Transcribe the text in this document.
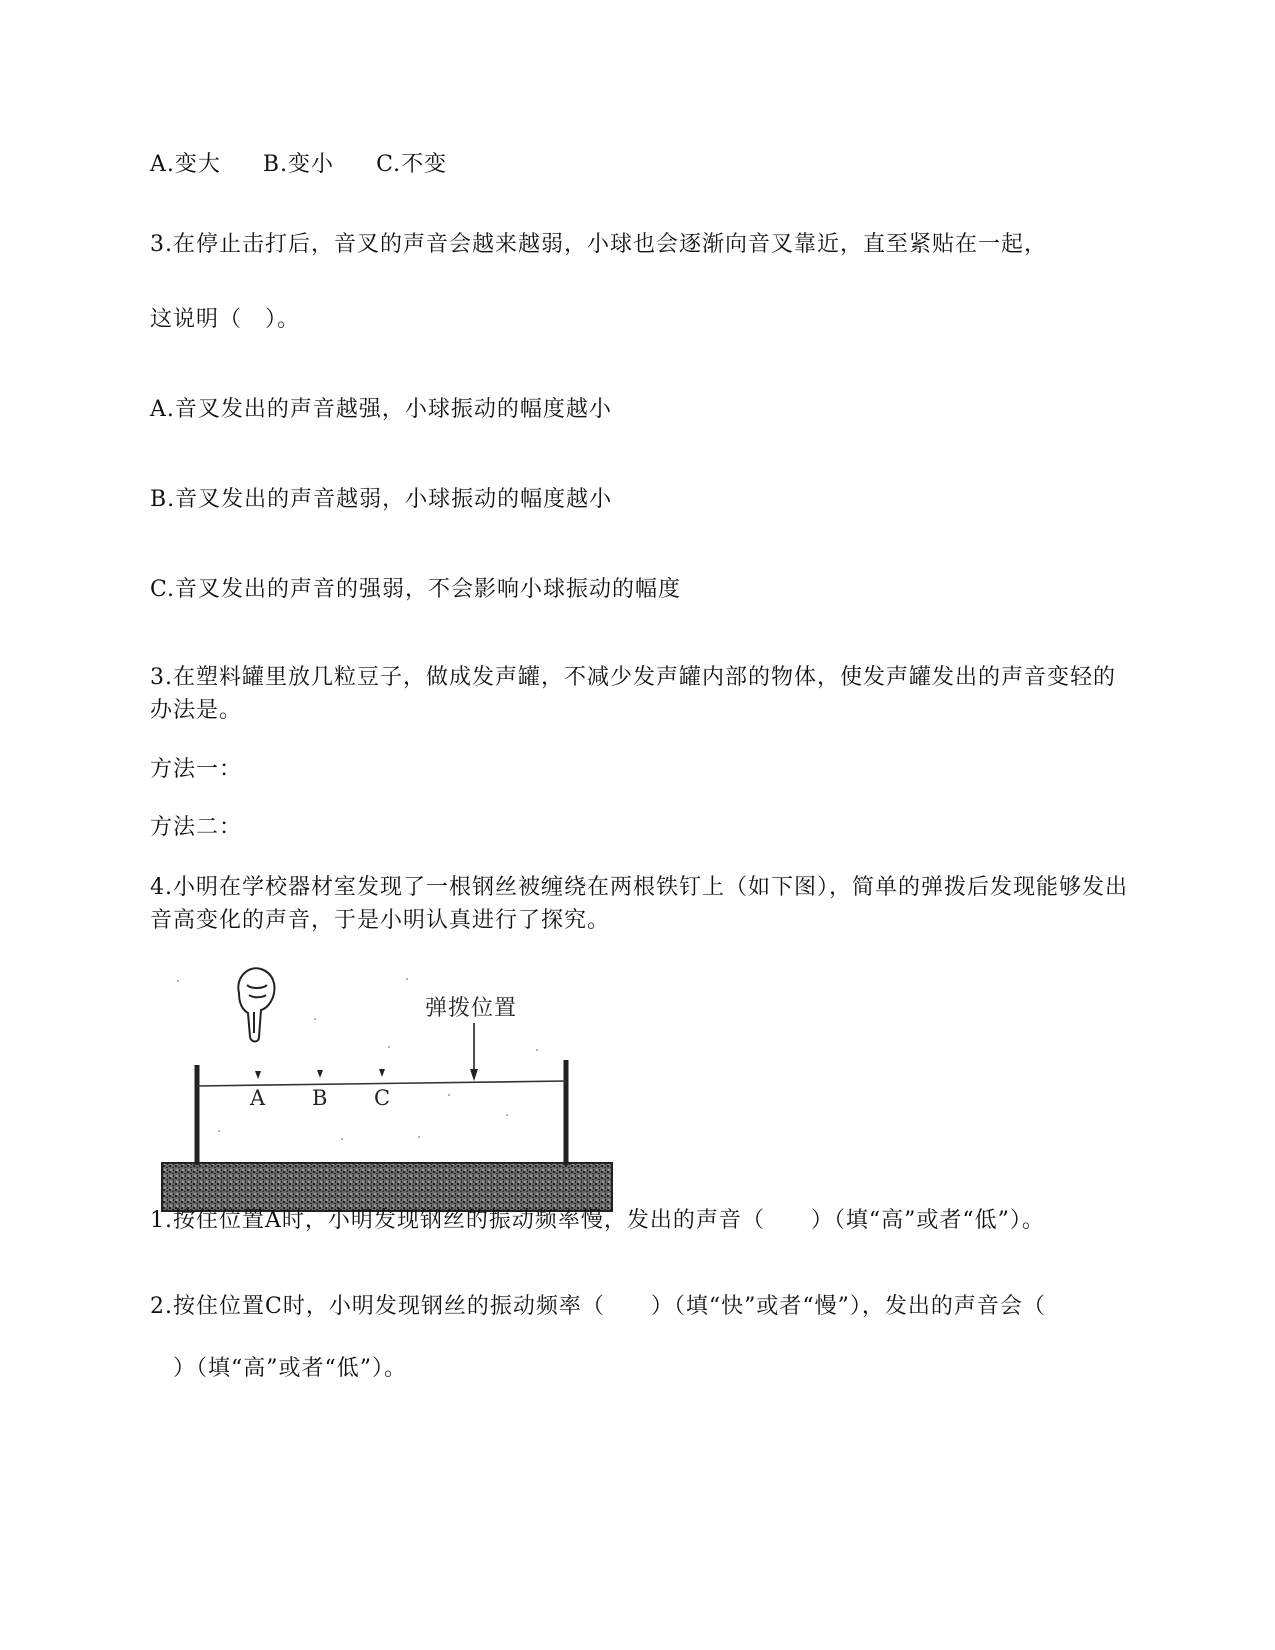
A.变大 B.变小 C.不变
3.在停止击打后，音叉的声音会越来越弱，小球也会逐渐向音叉靠近，直至紧贴在一起，
这说明（　）。
A.音叉发出的声音越强，小球振动的幅度越小
B.音叉发出的声音越弱，小球振动的幅度越小
C.音叉发出的声音的强弱，不会影响小球振动的幅度
3.在塑料罐里放几粒豆子，做成发声罐，不减少发声罐内部的物体，使发声罐发出的声音变轻的办法是。
方法一：
方法二：
4.小明在学校器材室发现了一根钢丝被缠绕在两根铁钉上（如下图），简单的弹拨后发现能够发出音高变化的声音，于是小明认真进行了探究。
A B C
弹拨位置
1.按住位置A时，小明发现钢丝的振动频率慢，发出的声音（　　）（填“高”或者“低”）。
2.按住位置C时，小明发现钢丝的振动频率（　　）（填“快”或者“慢”），发出的声音会（
　）（填“高”或者“低”）。
